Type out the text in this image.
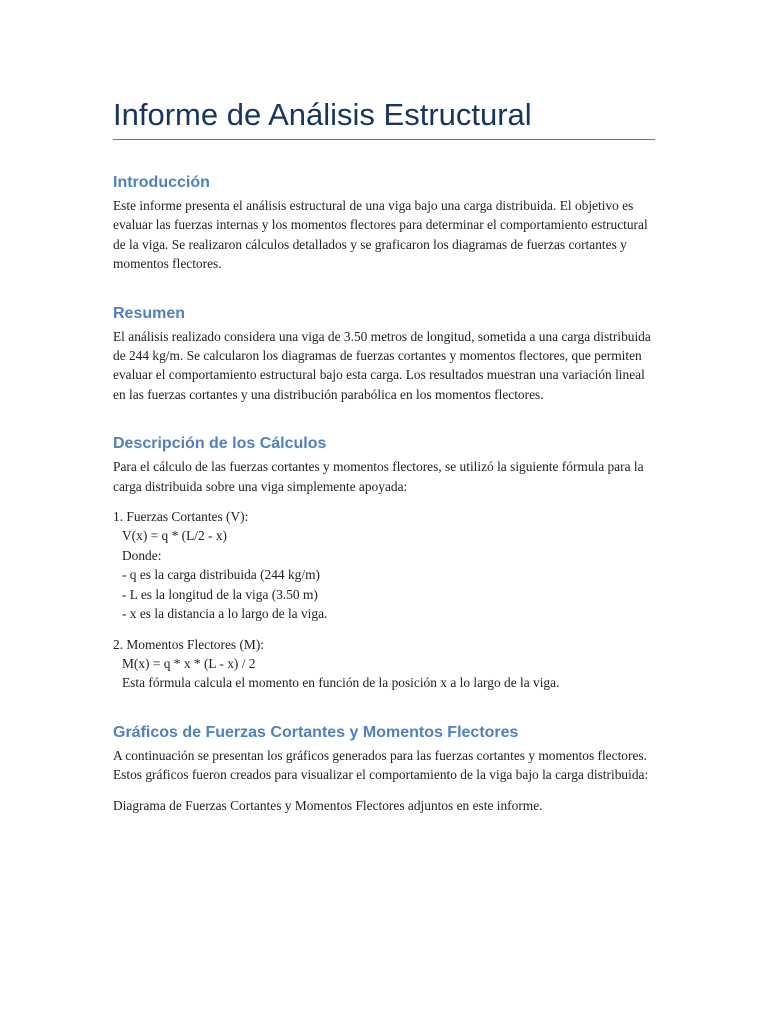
Informe de Análisis Estructural
Introducción

Este informe presenta el análisis estructural de una viga bajo una carga distribuida. El objetivo es evaluar las fuerzas internas y los momentos flectores para determinar el comportamiento estructural de la viga. Se realizaron cálculos detallados y se graficaron los diagramas de fuerzas cortantes y momentos flectores.

Resumen

El análisis realizado considera una viga de 3.50 metros de longitud, sometida a una carga distribuida de 244 kg/m. Se calcularon los diagramas de fuerzas cortantes y momentos flectores, que permiten evaluar el comportamiento estructural bajo esta carga. Los resultados muestran una variación lineal en las fuerzas cortantes y una distribución parabólica en los momentos flectores.

Descripción de los Cálculos

Para el cálculo de las fuerzas cortantes y momentos flectores, se utilizó la siguiente fórmula para la carga distribuida sobre una viga simplemente apoyada:

1. Fuerzas Cortantes (V):
V(x) = q * (L/2 - x)
Donde:
- q es la carga distribuida (244 kg/m)
- L es la longitud de la viga (3.50 m)
- x es la distancia a lo largo de la viga.
2. Momentos Flectores (M):
M(x) = q * x * (L - x) / 2
Esta fórmula calcula el momento en función de la posición x a lo largo de la viga.
Gráficos de Fuerzas Cortantes y Momentos Flectores

A continuación se presentan los gráficos generados para las fuerzas cortantes y momentos flectores. Estos gráficos fueron creados para visualizar el comportamiento de la viga bajo la carga distribuida:

Diagrama de Fuerzas Cortantes y Momentos Flectores adjuntos en este informe.
